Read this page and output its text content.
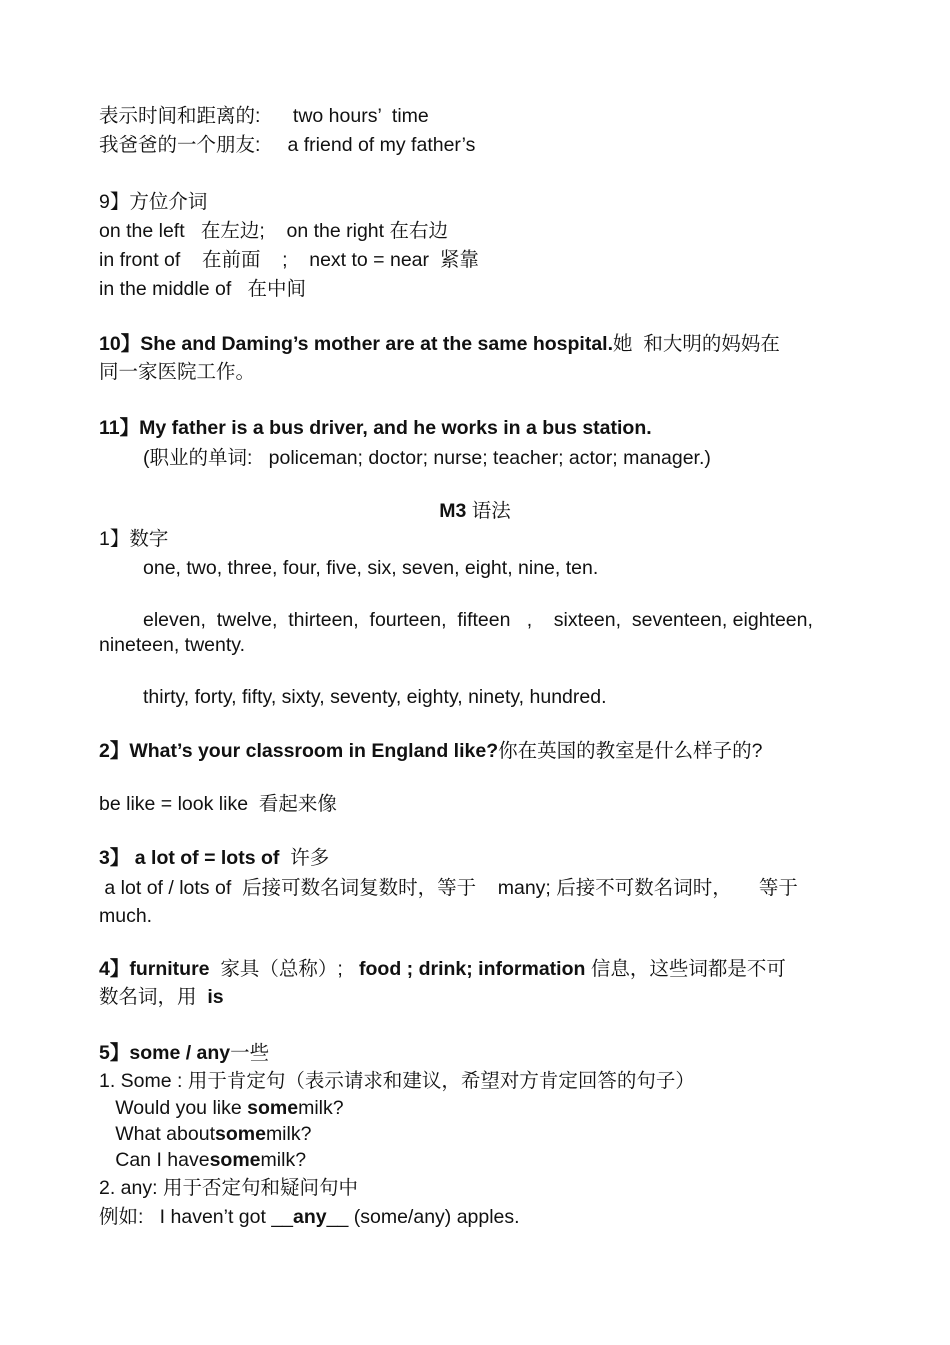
表示时间和距离的:      two hours’  time
我爸爸的一个朋友:     a friend of my father’s
9】方位介词
on the left   在左边;    on the right 在右边
in front of    在前面    ;    next to = near  紧靠
in the middle of   在中间
10】She and Daming’s mother are at the same hospital.她  和大明的妈妈在
同一家医院工作。
11】My father is a bus driver, and he works in a bus station.
(职业的单词:   policeman; doctor; nurse; teacher; actor; manager.)
M3 语法
1】数字
one, two, three, four, five, six, seven, eight, nine, ten.
eleven,  twelve,  thirteen,  fourteen,  fifteen   ,    sixteen,  seventeen, eighteen,
nineteen, twenty.
thirty, forty, fifty, sixty, seventy, eighty, ninety, hundred.
2】What’s your classroom in England like?你在英国的教室是什么样子的?
be like = look like  看起来像
3】 a lot of = lots of  许多
a lot of / lots of  后接可数名词复数时，等于    many; 后接不可数名词时，     等于
much.
4】furniture  家具（总称）;   food ; drink; information 信息，这些词都是不可
数名词，用  is
5】some / any一些
1. Some : 用于肯定句（表示请求和建议，希望对方肯定回答的句子）
Would you like somemilk?
What aboutsomemilk?
Can I havesomemilk?
2. any: 用于否定句和疑问句中
例如:   I haven’t got __any__ (some/any) apples.
